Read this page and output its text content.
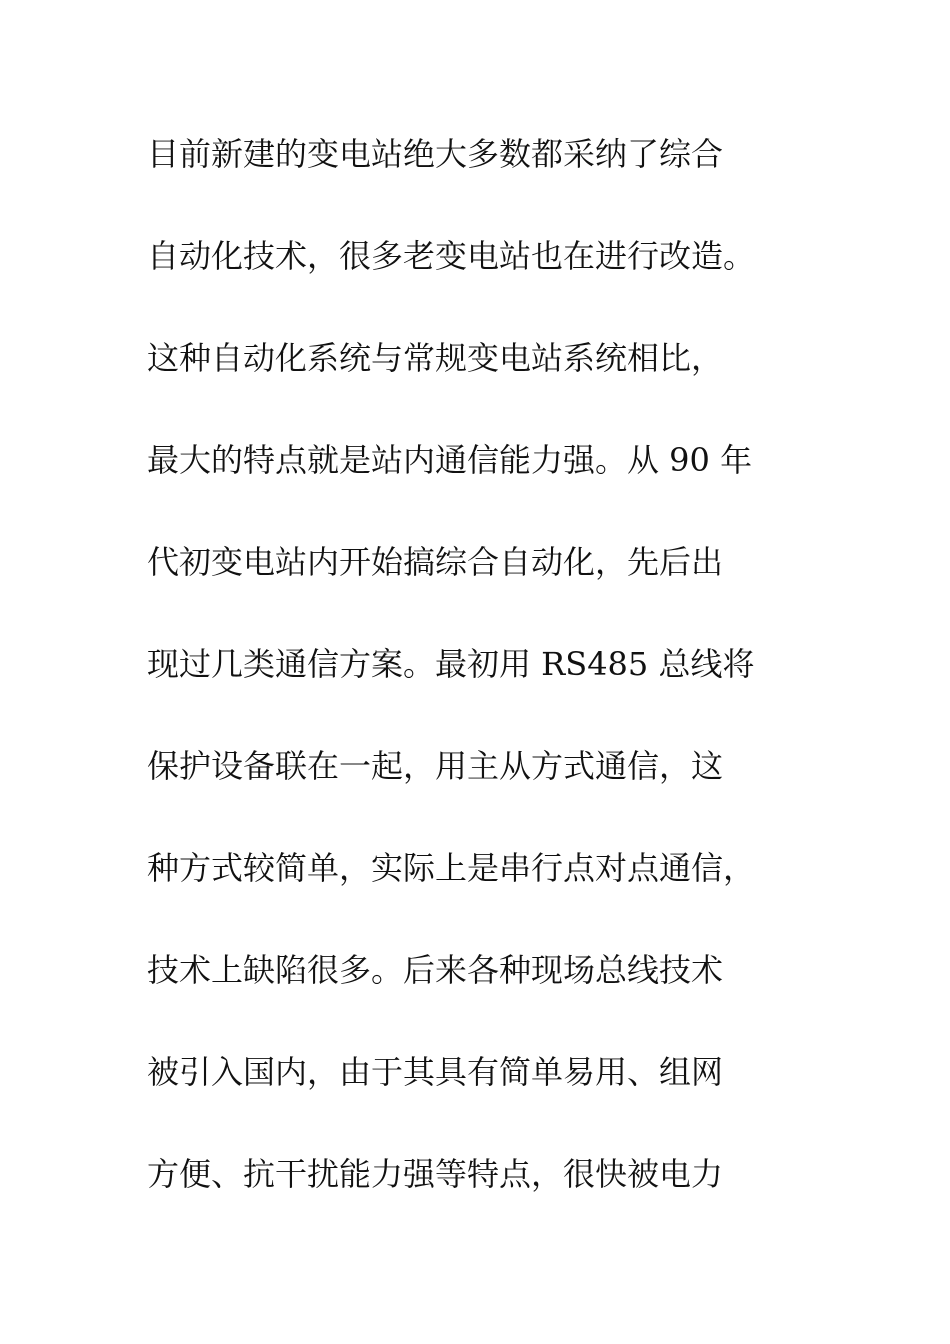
目前新建的变电站绝大多数都采纳了综合
自动化技术，很多老变电站也在进行改造。
这种自动化系统与常规变电站系统相比，
最大的特点就是站内通信能力强。从 90 年
代初变电站内开始搞综合自动化，先后出
现过几类通信方案。最初用 RS485 总线将
保护设备联在一起，用主从方式通信，这
种方式较简单，实际上是串行点对点通信，
技术上缺陷很多。后来各种现场总线技术
被引入国内，由于其具有简单易用、组网
方便、抗干扰能力强等特点，很快被电力
